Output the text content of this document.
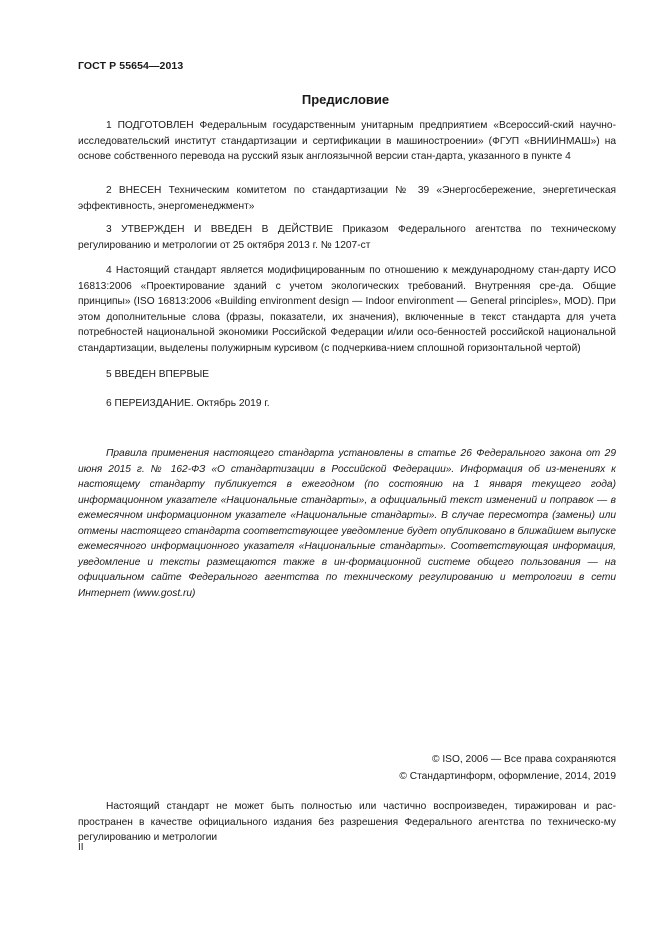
ГОСТ Р 55654—2013
Предисловие

1 ПОДГОТОВЛЕН Федеральным государственным унитарным предприятием «Всероссий-ский научно-исследовательский институт стандартизации и сертификации в машиностроении» (ФГУП «ВНИИНМАШ») на основе собственного перевода на русский язык англоязычной версии стан-дарта, указанного в пункте 4

2 ВНЕСЕН Техническим комитетом по стандартизации № 39 «Энергосбережение, энергетическая эффективность, энергоменеджмент»

3 УТВЕРЖДЕН И ВВЕДЕН В ДЕЙСТВИЕ Приказом Федерального агентства по техническому регулированию и метрологии от 25 октября 2013 г. № 1207-ст

4 Настоящий стандарт является модифицированным по отношению к международному стан-дарту ИСО 16813:2006 «Проектирование зданий с учетом экологических требований. Внутренняя сре-да. Общие принципы» (ISO 16813:2006 «Building environment design — Indoor environment — General principles», MOD). При этом дополнительные слова (фразы, показатели, их значения), включенные в текст стандарта для учета потребностей национальной экономики Российской Федерации и/или осо-бенностей российской национальной стандартизации, выделены полужирным курсивом (с подчеркива-нием сплошной горизонтальной чертой)

5 ВВЕДЕН ВПЕРВЫЕ

6 ПЕРЕИЗДАНИЕ. Октябрь 2019 г.

Правила применения настоящего стандарта установлены в статье 26 Федерального закона от 29 июня 2015 г. № 162-ФЗ «О стандартизации в Российской Федерации». Информация об из-менениях к настоящему стандарту публикуется в ежегодном (по состоянию на 1 января текущего года) информационном указателе «Национальные стандарты», а официальный текст изменений и поправок — в ежемесячном информационном указателе «Национальные стандарты». В случае пересмотра (замены) или отмены настоящего стандарта соответствующее уведомление будет опубликовано в ближайшем выпуске ежемесячного информационного указателя «Национальные стандарты». Соответствующая информация, уведомление и тексты размещаются также в ин-формационной системе общего пользования — на официальном сайте Федерального агентства по техническому регулированию и метрологии в сети Интернет (www.gost.ru)

© ISO, 2006 — Все права сохраняются
© Стандартинформ, оформление, 2014, 2019

Настоящий стандарт не может быть полностью или частично воспроизведен, тиражирован и рас-пространен в качестве официального издания без разрешения Федерального агентства по техническо-му регулированию и метрологии

II
